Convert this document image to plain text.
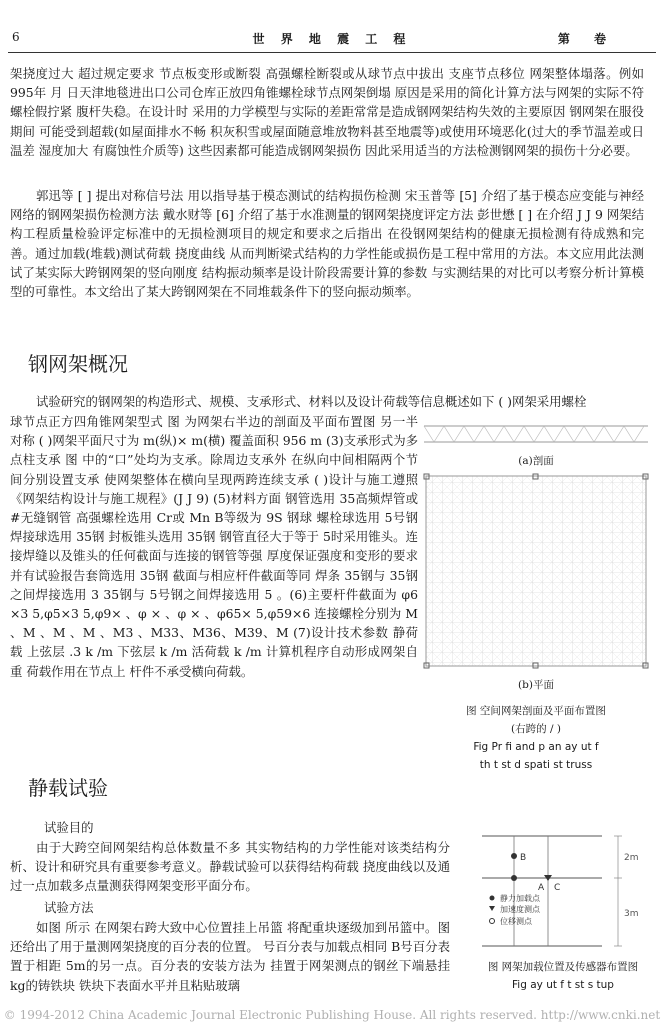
6	世 界 地 震 工 程	第 卷
架挠度过大 超过规定要求 节点板变形或断裂 高强螺栓断裂或从球节点中拔出 支座节点移位 网架整体塌落。例如 995年 月 日天津地毯进出口公司仓库正放四角锥螺栓球节点网架倒塌 原因是采用的简化计算方法与网架的实际不符 螺栓假拧紧 腹杆失稳。在设计时 采用的力学模型与实际的差距常常是造成钢网架结构失效的主要原因 钢网架在服役期间 可能受到超载(如屋面排水不畅 积灰积雪或屋面随意堆放物料甚至地震等)或使用环境恶化(过大的季节温差或日温差 湿度加大 有腐蚀性介质等) 这些因素都可能造成钢网架损伤 因此采用适当的方法检测钢网架的损伤十分必要。
郭迅等 [ ] 提出对称信号法 用以指导基于模态测试的结构损伤检测 宋玉普等 [5] 介绍了基于模态应变能与神经网络的钢网架损伤检测方法 戴水财等 [6] 介绍了基于水准测量的钢网架挠度评定方法 彭世懋 [ ] 在介绍 J J 9 网架结构工程质量检验评定标准中的无损检测项目的规定和要求之后指出 在役钢网架结构的健康无损检测有待成熟和完善。通过加载(堆载)测试荷载 挠度曲线 从而判断梁式结构的力学性能或损伤是工程中常用的方法。本文应用此法测试了某实际大跨钢网架的竖向刚度 结构振动频率是设计阶段需要计算的参数 与实测结果的对比可以考察分析计算模型的可靠性。本文给出了某大跨钢网架在不同堆载条件下的竖向振动频率。
钢网架概况
试验研究的钢网架的构造形式、规模、支承形式、材料以及设计荷载等信息概述如下 ( )网架采用螺栓
球节点正方四角锥网架型式 图 为网架右半边的剖面及平面布置图 另一半对称 ( )网架平面尺寸为 m(纵)× m(横) 覆盖面积 956 m (3)支承形式为多点柱支承 图 中的“口”处均为支承。除周边支承外 在纵向中间相隔两个节间分别设置支承 使网架整体在横向呈现两跨连续支承 ( )设计与施工遵照《网架结构设计与施工规程》(J J 9) (5)材料方面 钢管选用 35高频焊管或 #无缝钢管 高强螺栓选用 Cr或 Mn B等级为 9S 钢球 螺栓球选用 5号钢 焊接球选用 35钢 封板锥头选用 35钢 钢管直径大于等于 5时采用锥头。连接焊缝以及锥头的任何截面与连接的钢管等强 厚度保证强度和变形的要求 并有试验报告套筒选用 35钢 截面与相应杆件截面等同 焊条 35钢与 35钢之间焊接选用 3 35钢与 5号钢之间焊接选用 5 。(6)主要杆件截面为 φ6 ×3 5,φ5×3 5,φ9× 、φ × 、φ × 、φ65× 5,φ59×6 连接螺栓分别为 M 、M 、M 、M 、M3 、M33、M36、M39、M (7)设计技术参数 静荷载 上弦层 .3 k /m 下弦层 k /m 活荷载 k /m 计算机程序自动形成网架自重 荷载作用在节点上 杆件不承受横向荷载。
(a)剖面
(b)平面
图 空间网架剖面及平面布置图
(右跨的 / )
Fig Pr fi and p an ay ut f
th t st d spati st truss
静载试验
试验目的
由于大跨空间网架结构总体数量不多 其实物结构的力学性能对该类结构分析、设计和研究具有重要参考意义。静载试验可以获得结构荷载 挠度曲线以及通过一点加载多点量测获得网架变形平面分布。
试验方法
如图 所示 在网架右跨大致中心位置挂上吊篮 将配重块逐级加到吊篮中。图 还给出了用于量测网架挠度的百分表的位置。 号百分表与加载点相同 B号百分表置于相距 5m的另一点。百分表的安装方法为 挂置于网架测点的钢丝下端悬挂 kg的铸铁块 铁块下表面水平并且粘贴玻璃
2m
3m
B
A C
静力加载点
加速度测点
位移测点
图 网架加载位置及传感器布置图
Fig ay ut f t st s tup
© 1994-2012 China Academic Journal Electronic Publishing House. All rights reserved. http://www.cnki.net
